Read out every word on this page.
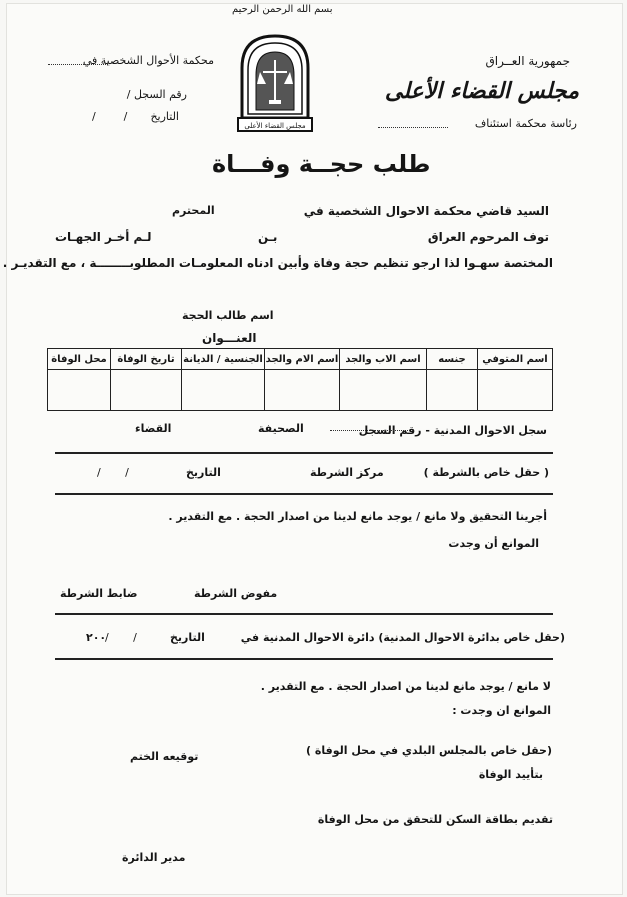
بسم الله الرحمن الرحيم
جمهورية العــراق
مجلس القضاء الأعلى
رئاسة محكمة استئناف
محكمة الأحوال الشخصية في
رقم السجل /
التاريخ
/        /
مجلس القضاء الأعلى
طلب حجــة وفـــاة
السيد قاضي محكمة الاحوال الشخصية في
المحترم
توف المرحوم العراق
بـن
لـم أخـر الجهـات
المختصة سهـوا لذا ارجو تنظيم حجة وفاة وأبين ادناه المعلومـات المطلوبــــــــة ، مع التقديـر .
اسم طالب الحجة
العنـــوان
اسم المتوفي	جنسه	اسم الاب والجد	اسم الام والجد	الجنسية / الديانة	تاريخ الوفاة	محل الوفاة

سجل الاحوال المدنية - رقم السجل
الصحيفة
القضاء
( حقل خاص بالشرطة )
مركز الشرطة
التاريخ
/       /
أجرينا التحقيق ولا مانع / يوجد مانع لدينا من اصدار الحجة . مع التقدير .
الموانع أن وجدت
مفوض الشرطة
ضابط الشرطة
(حقل خاص بدائرة الاحوال المدنية) دائرة الاحوال المدنية في
التاريخ
/       /
٢٠٠
لا مانع / يوجد مانع لدينا من اصدار الحجة . مع التقدير .
الموانع ان وجدت :
(حقل خاص بالمجلس البلدي في محل الوفاة )
توقيعه الختم
بتأييد الوفاة
تقديم بطاقة السكن للتحقق من محل الوفاة
مدير الدائرة
